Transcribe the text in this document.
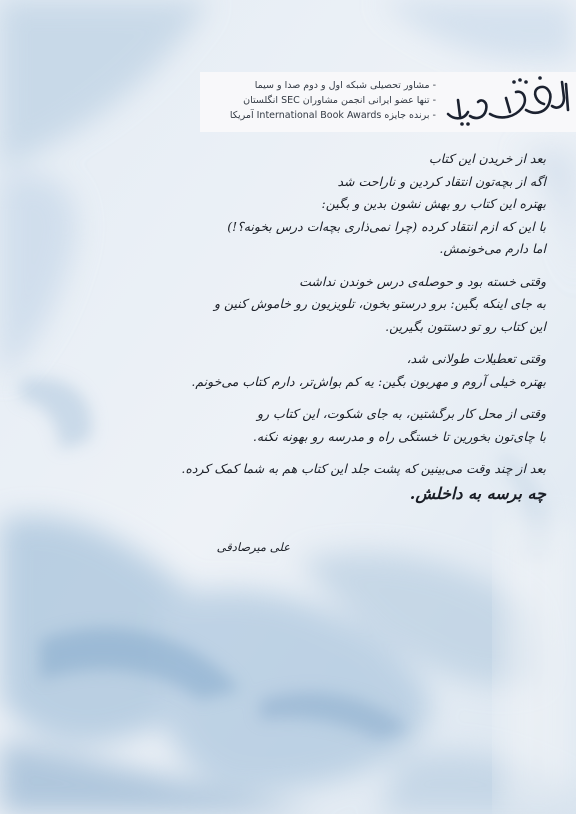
- مشاور تحصیلی شبکه اول و دوم صدا و سیما
- تنها عضو ایرانی انجمن مشاوران SEC انگلستان
- برنده جایزه International Book Awards آمریکا
بعد از خریدن این کتاب
اگه از بچه‌تون انتقاد کردین و ناراحت شد
بهتره این کتاب رو بهش نشون بدین و بگین:
با این که ازم انتقاد کرده (چرا نمی‌ذاری بچه‌ات درس بخونه؟!)
اما دارم می‌خونمش.
وقتی خسته بود و حوصله‌ی درس خوندن نداشت
به جای اینکه بگین: برو درستو بخون، تلویزیون رو خاموش کنین و
این کتاب رو تو دستتون بگیرین.
وقتی تعطیلات طولانی شد،
بهتره خیلی آروم و مهربون بگین: یه کم بواش‌تر، دارم کتاب می‌خونم.
وقتی از محل کار برگشتین، به جای شکوت، این کتاب رو
با چای‌تون بخورین تا خستگی راه و مدرسه رو بهونه نکنه.
بعد از چند وقت می‌بینین که پشت جلد این کتاب هم به شما کمک کرده.
چه برسه به داخلش.
علی میرصادقی
